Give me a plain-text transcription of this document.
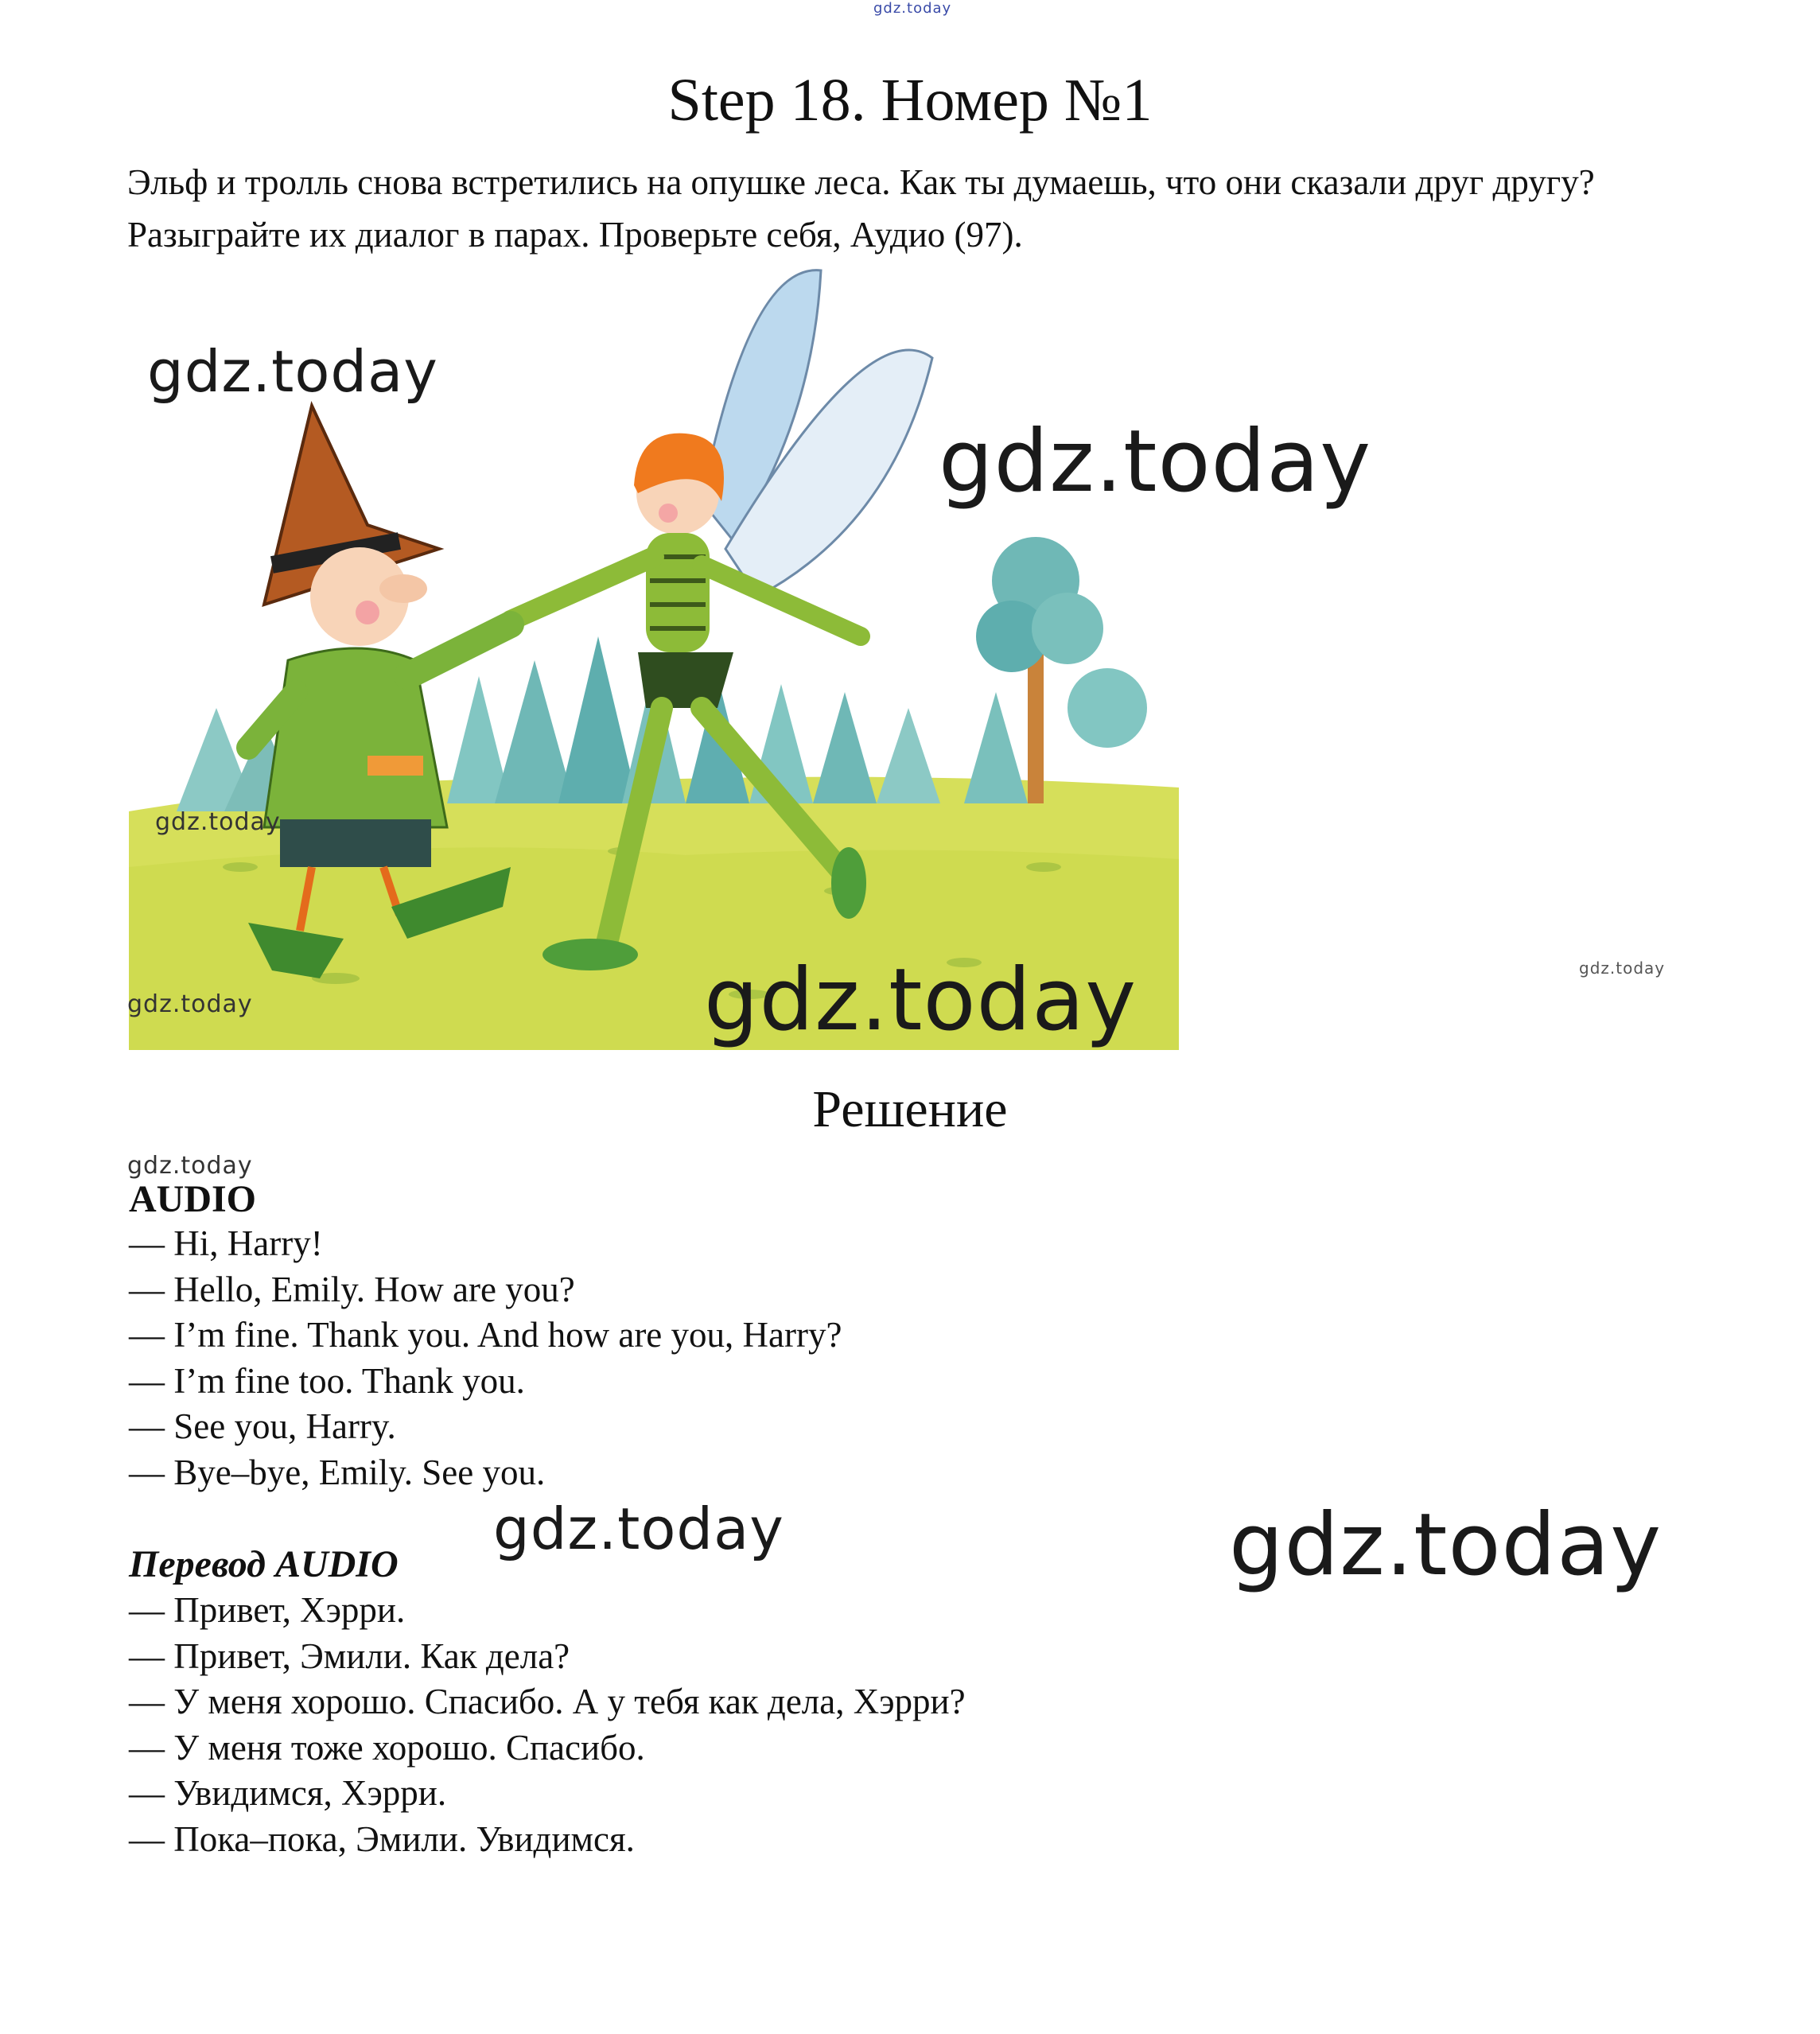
gdz.today
Step 18. Номер №1

Эльф и тролль снова встретились на опушке леса. Как ты думаешь, что они сказали друг другу? Разыграйте их диалог в парах. Проверьте себя, Аудио (97).

gdz.today
gdz.today
gdz.today
gdz.today	gdz.today	gdz.today
Решение
gdz.today

AUDIO

— Hi, Harry!
— Hello, Emily. How are you?
— I’m fine. Thank you. And how are you, Harry?
— I’m fine too. Thank you.
— See you, Harry.
— Bye–bye, Emily. See you.
gdz.today	gdz.today

Перевод AUDIO

— Привет, Хэрри.
— Привет, Эмили. Как дела?
— У меня хорошо. Спасибо. А у тебя как дела, Хэрри?
— У меня тоже хорошо. Спасибо.
— Увидимся, Хэрри.
— Пока–пока, Эмили. Увидимся.
